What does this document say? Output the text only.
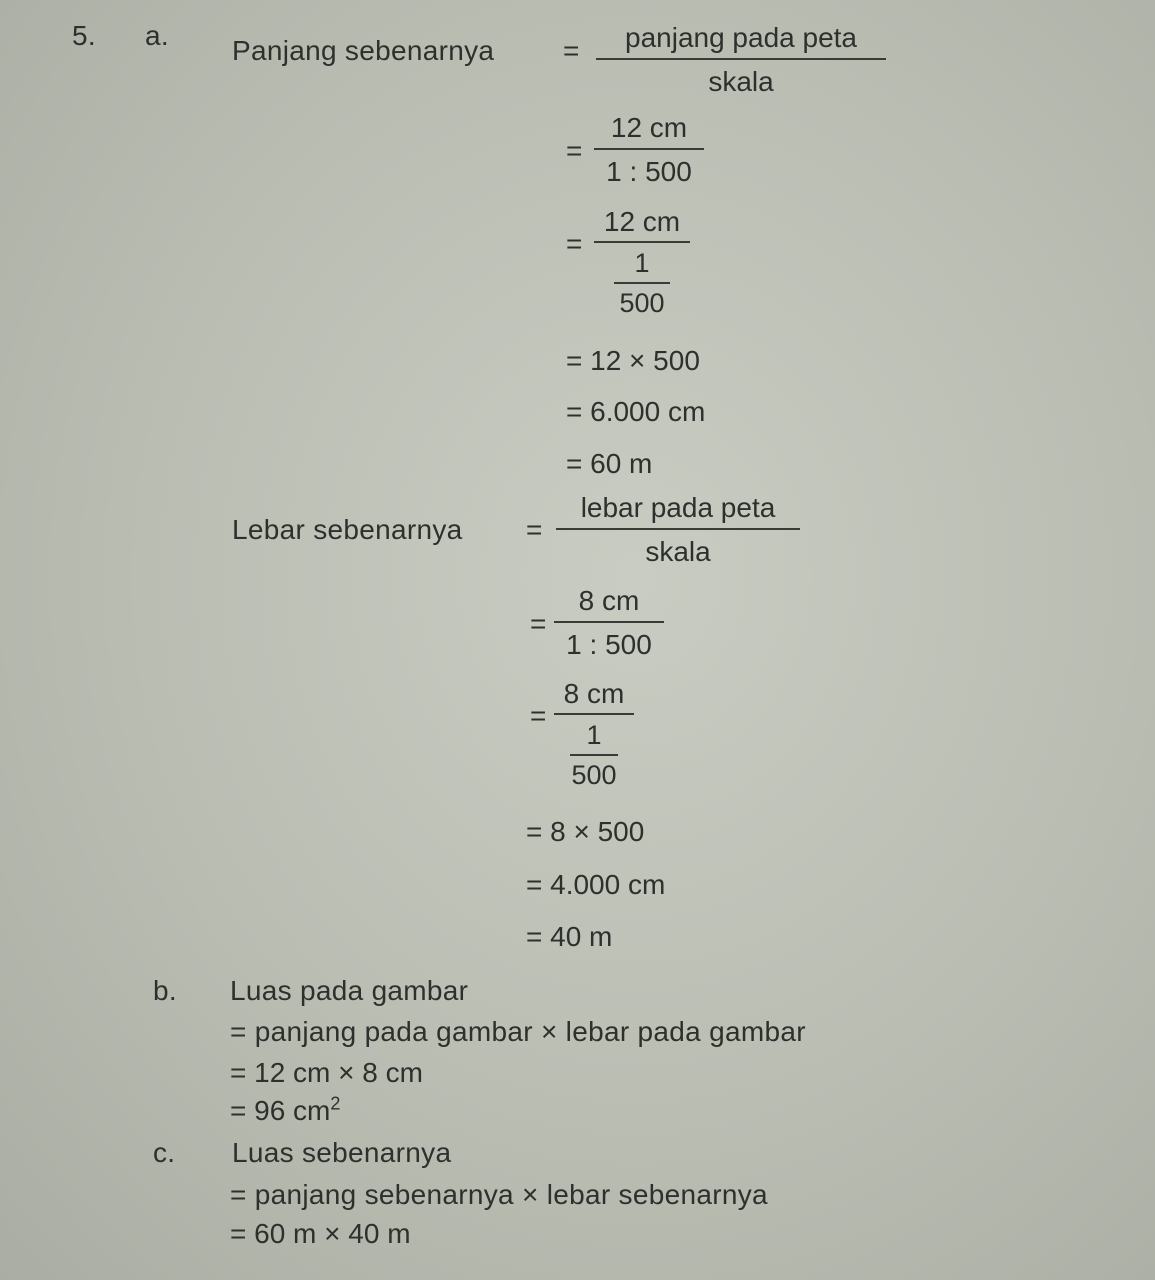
5. a. Panjang sebenarnya =	panjang pada peta
skala
=
12 cm
1 : 500
=
12 cm
1
500
= 12 × 500
= 6.000 cm
= 60 m
Lebar sebenarnya =
lebar pada peta
skala
=
8 cm
1 : 500
=
8 cm
1
500
= 8 × 500
= 4.000 cm
= 40 m
b. Luas pada gambar
= panjang pada gambar × lebar pada gambar
= 12 cm × 8 cm
= 96 $cm^2$
c. Luas sebenarnya
= panjang sebenarnya × lebar sebenarnya
= 60 m × 40 m
